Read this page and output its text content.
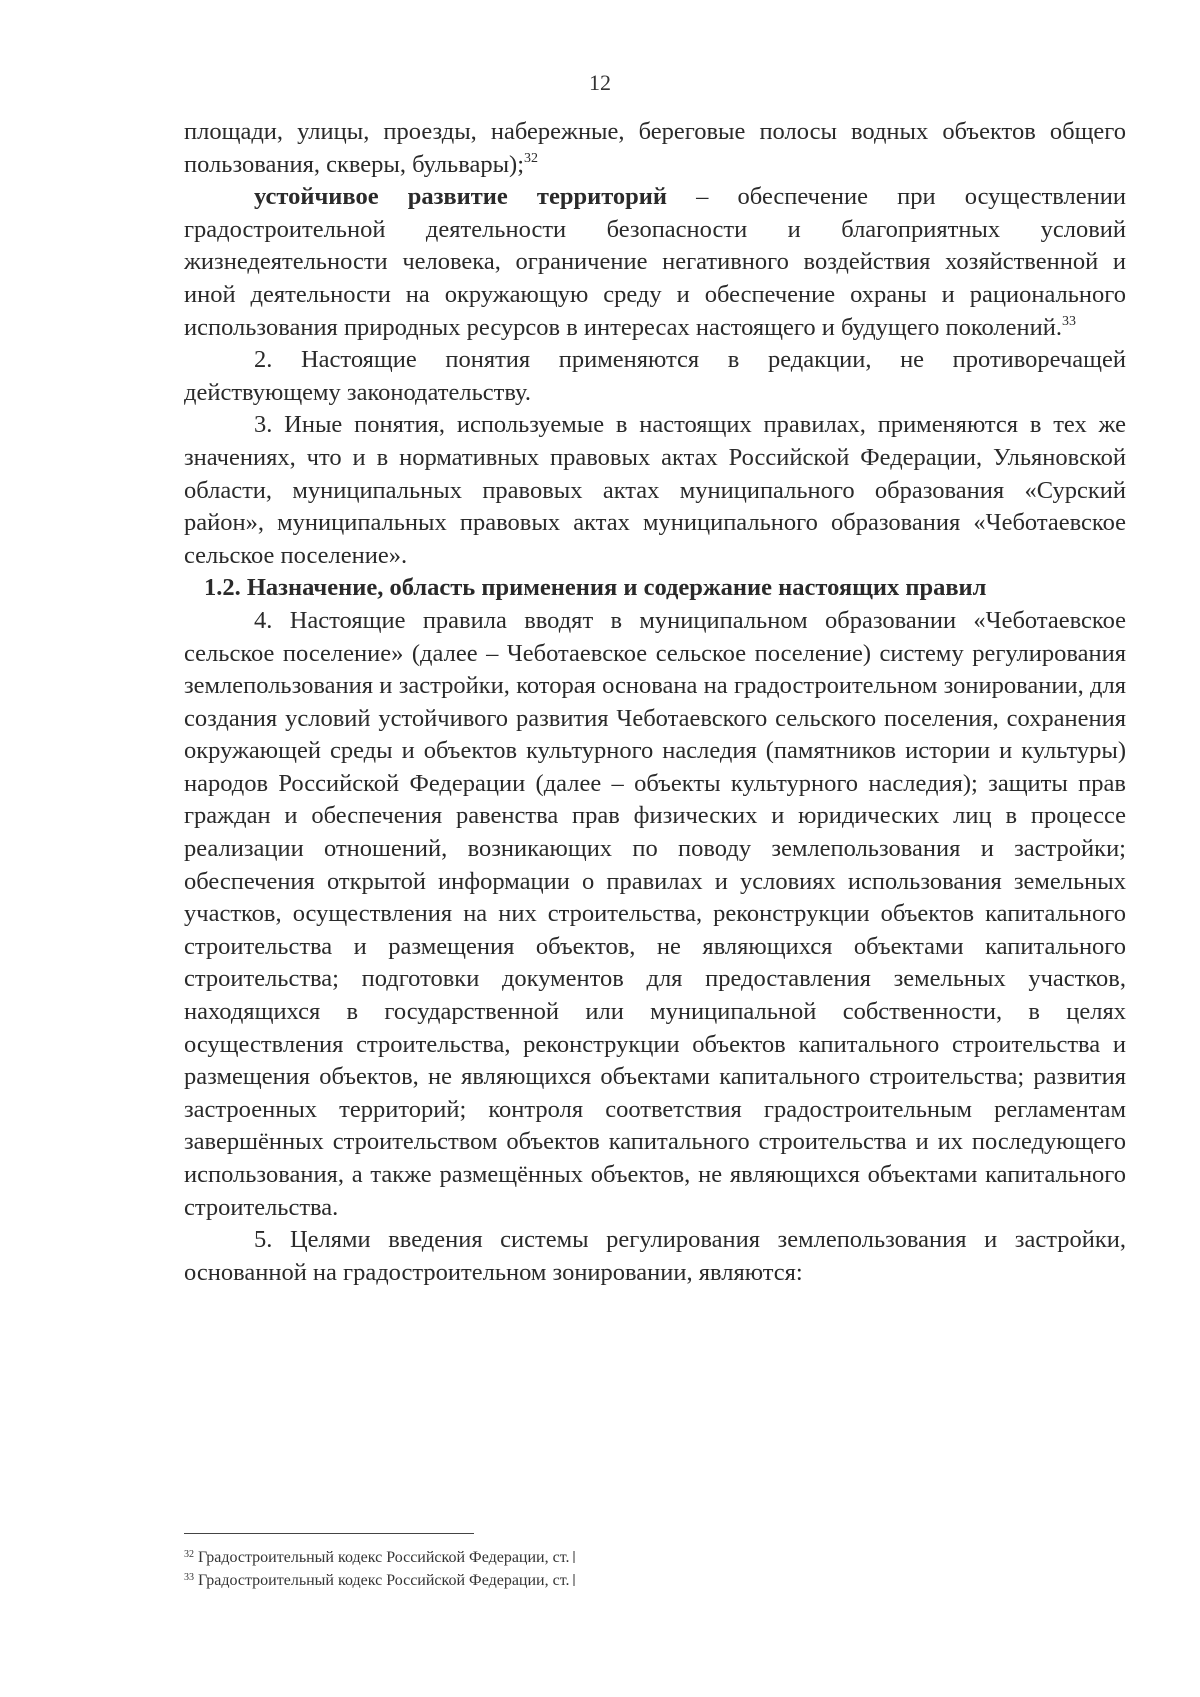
12

площади, улицы, проезды, набережные, береговые полосы водных объектов общего пользования, скверы, бульвары);$^{32}$

устойчивое развитие территорий – обеспечение при осуществлении градостроительной деятельности безопасности и благоприятных условий жизнедеятельности человека, ограничение негативного воздействия хозяйственной и иной деятельности на окружающую среду и обеспечение охраны и рационального использования природных ресурсов в интересах настоящего и будущего поколений.$^{33}$

2. Настоящие понятия применяются в редакции, не противоречащей действующему законодательству.

3. Иные понятия, используемые в настоящих правилах, применяются в тех же значениях, что и в нормативных правовых актах Российской Федерации, Ульяновской области, муниципальных правовых актах муниципального образования «Сурский район», муниципальных правовых актах муниципального образования «Чеботаевское сельское поселение».

1.2. Назначение, область применения и содержание настоящих правил

4. Настоящие правила вводят в муниципальном образовании «Чеботаевское сельское поселение» (далее – Чеботаевское сельское поселение) систему регулирования землепользования и застройки, которая основана на градостроительном зонировании, для создания условий устойчивого развития Чеботаевского сельского поселения, сохранения окружающей среды и объектов культурного наследия (памятников истории и культуры) народов Российской Федерации (далее – объекты культурного наследия); защиты прав граждан и обеспечения равенства прав физических и юридических лиц в процессе реализации отношений, возникающих по поводу землепользования и застройки; обеспечения открытой информации о правилах и условиях использования земельных участков, осуществления на них строительства, реконструкции объектов капитального строительства и размещения объектов, не являющихся объектами капитального строительства; подготовки документов для предоставления земельных участков, находящихся в государственной или муниципальной собственности, в целях осуществления строительства, реконструкции объектов капитального строительства и размещения объектов, не являющихся объектами капитального строительства; развития застроенных территорий; контроля соответствия градостроительным регламентам завершённых строительством объектов капитального строительства и их последующего использования, а также размещённых объектов, не являющихся объектами капитального строительства.

5. Целями введения системы регулирования землепользования и застройки, основанной на градостроительном зонировании, являются:

$^{32}$ Градостроительный кодекс Российской Федерации, ст.

$^{33}$ Градостроительный кодекс Российской Федерации, ст.
